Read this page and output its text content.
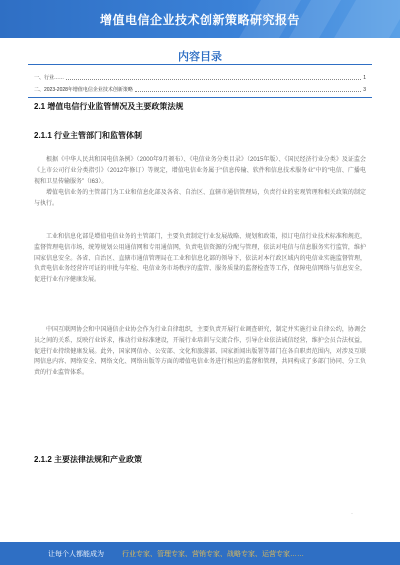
增值电信企业技术创新策略研究报告
内容目录
一、行业……	1
二、2023-2028年增值电信企业技术创新策略	3
2.1 增值电信行业监管情况及主要政策法规
2.1.1 行业主管部门和监管体制

根据《中华人民共和国电信条例》（2000年9月颁布）、《电信业务分类目录》（2015年版）、《国民经济行业分类》及证监会《上市公司行业分类指引》（2012年修订）等规定，增值电信业务属于“信息传输、软件和信息技术服务业”中的“电信、广播电视和卫星传输服务”（I63）。

增值电信业务的主管部门为工业和信息化部及各省、自治区、直辖市通信管理局，负责行业的宏观管理和相关政策的制定与执行。

工业和信息化部是增值电信业务的主管部门，主要负责制定行业发展战略、规划和政策，拟订电信行业技术标准和规范，监督管理电信市场，统筹规划公用通信网和专用通信网，负责电信资源的分配与管理，依法对电信与信息服务实行监管，维护国家信息安全。各省、自治区、直辖市通信管理局在工业和信息化部的领导下，依法对本行政区域内的电信业实施监督管理，负责电信业务经营许可证的审批与年检、电信业务市场秩序的监管、服务质量的监督检查等工作，保障电信网络与信息安全，促进行业有序健康发展。

中国互联网协会和中国通信企业协会作为行业自律组织，主要负责开展行业调查研究，制定并实施行业自律公约，协调会员之间的关系，反映行业诉求，推动行业标准建设，开展行业培训与交流合作，引导企业依法诚信经营，维护会员合法权益，促进行业持续健康发展。此外，国家网信办、公安部、文化和旅游部、国家新闻出版署等部门在各自职责范围内，对涉及互联网信息内容、网络安全、网络文化、网络出版等方面的增值电信业务进行相应的监督和管理，共同构成了多部门协同、分工负责的行业监管体系。

2.1.2 主要法律法规和产业政策
·
让每个人都能成为	行业专家、管理专家、营销专家、战略专家、运营专家……
